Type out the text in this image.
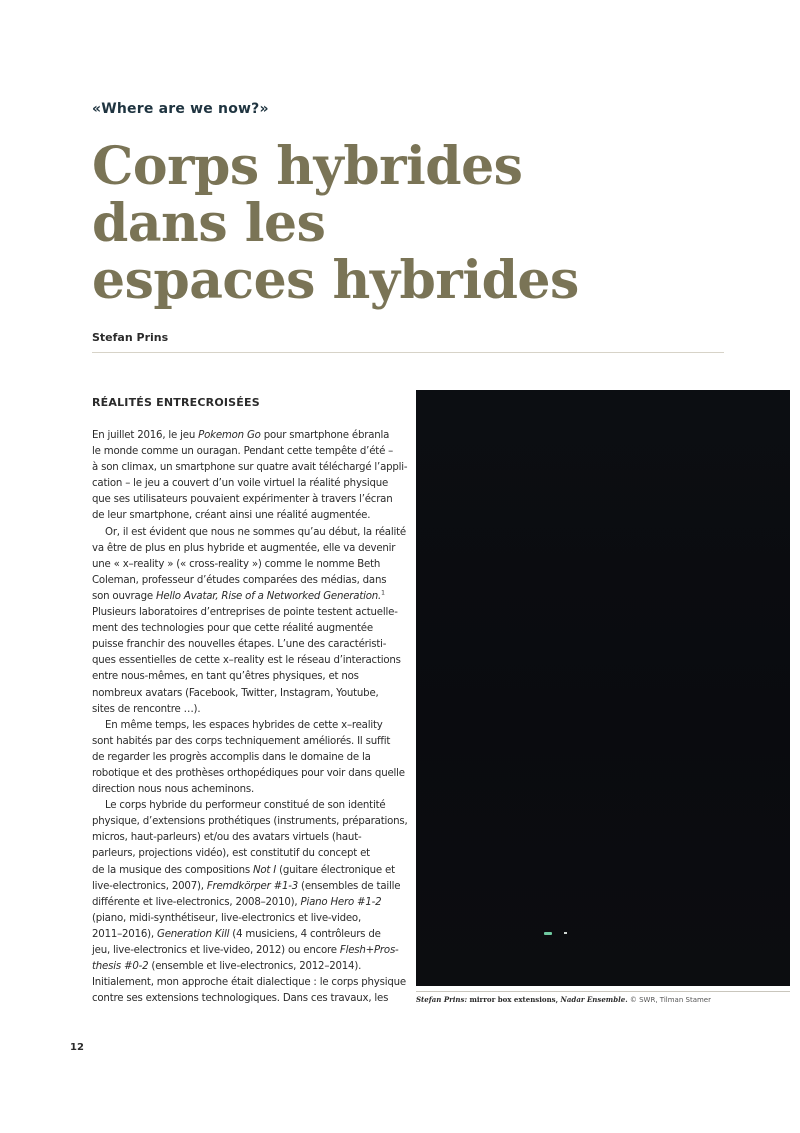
«Where are we now?»
Corps hybrides
dans les
espaces hybrides
Stefan Prins
RÉALITÉS ENTRECROISÉES
En juillet 2016, le jeu Pokemon Go pour smartphone ébranla
le monde comme un ouragan. Pendant cette tempête d’été –
à son climax, un smartphone sur quatre avait téléchargé l’appli-
cation – le jeu a couvert d’un voile virtuel la réalité physique
que ses utilisateurs pouvaient expérimenter à travers l’écran
de leur smartphone, créant ainsi une réalité augmentée.
Or, il est évident que nous ne sommes qu’au début, la réalité
va être de plus en plus hybride et augmentée, elle va devenir
une « x–reality » (« cross-reality ») comme le nomme Beth
Coleman, professeur d’études comparées des médias, dans
son ouvrage Hello Avatar, Rise of a Networked Generation.$^1$
Plusieurs laboratoires d’entreprises de pointe testent actuelle-
ment des technologies pour que cette réalité augmentée
puisse franchir des nouvelles étapes. L’une des caractéristi-
ques essentielles de cette x–reality est le réseau d’interactions
entre nous-mêmes, en tant qu’êtres physiques, et nos
nombreux avatars (Facebook, Twitter, Instagram, Youtube,
sites de rencontre …).
En même temps, les espaces hybrides de cette x–reality
sont habités par des corps techniquement améliorés. Il suffit
de regarder les progrès accomplis dans le domaine de la
robotique et des prothèses orthopédiques pour voir dans quelle
direction nous nous acheminons.
Le corps hybride du performeur constitué de son identité
physique, d’extensions prothétiques (instruments, préparations,
micros, haut-parleurs) et/ou des avatars virtuels (haut-
parleurs, projections vidéo), est constitutif du concept et
de la musique des compositions Not I (guitare électronique et
live-electronics, 2007), Fremdkörper #1-3 (ensembles de taille
différente et live-electronics, 2008–2010), Piano Hero #1-2
(piano, midi-synthétiseur, live-electronics et live-video,
2011–2016), Generation Kill (4 musiciens, 4 contrôleurs de
jeu, live-electronics et live-video, 2012) ou encore Flesh+Pros-
thesis #0-2 (ensemble et live-electronics, 2012–2014).
Initialement, mon approche était dialectique : le corps physique
contre ses extensions technologiques. Dans ces travaux, les	Stefan Prins: mirror box extensions, Nadar Ensemble. © SWR, Tilman Stamer
12
